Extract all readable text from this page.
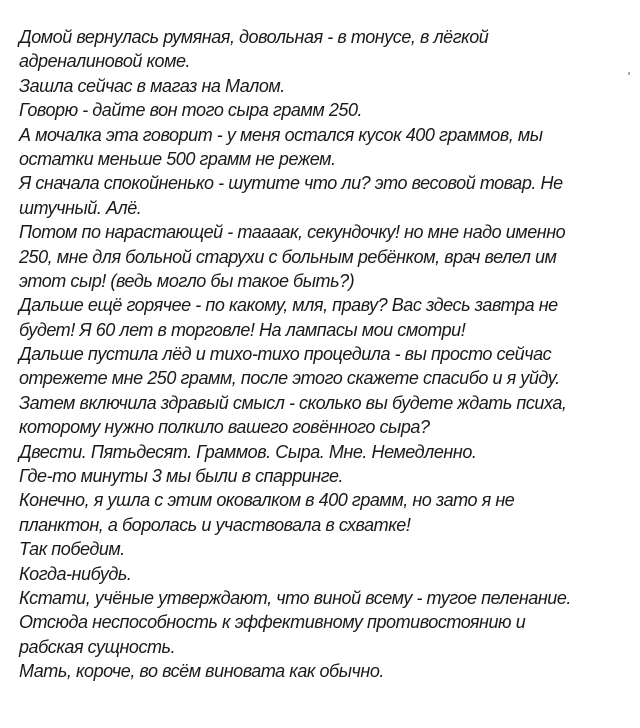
Домой вернулась румяная, довольная - в тонусе, в лёгкой
адреналиновой коме.
Зашла сейчас в магаз на Малом.
Говорю - дайте вон того сыра грамм 250.
А мочалка эта говорит - у меня остался кусок 400 граммов, мы
остатки меньше 500 грамм не режем.
Я сначала спокойненько - шутите что ли? это весовой товар. Не
штучный. Алё.
Потом по нарастающей - таааак, секундочку! но мне надо именно
250, мне для больной старухи с больным ребёнком, врач велел им
этот сыр! (ведь могло бы такое быть?)
Дальше ещё горячее - по какому, мля, праву? Вас здесь завтра не
будет! Я 60 лет в торговле! На лампасы мои смотри!
Дальше пустила лёд и тихо-тихо процедила - вы просто сейчас
отрежете мне 250 грамм, после этого скажете спасибо и я уйду.
Затем включила здравый смысл - сколько вы будете ждать психа,
которому нужно полкило вашего говённого сыра?
Двести. Пятьдесят. Граммов. Сыра. Мне. Немедленно.
Где-то минуты 3 мы были в спарринге.
Конечно, я ушла с этим оковалком в 400 грамм, но зато я не
планктон, а боролась и участвовала в схватке!
Так победим.
Когда-нибудь.
Кстати, учёные утверждают, что виной всему - тугое пеленание.
Отсюда неспособность к эффективному противостоянию и
рабская сущность.
Мать, короче, во всём виновата как обычно.
